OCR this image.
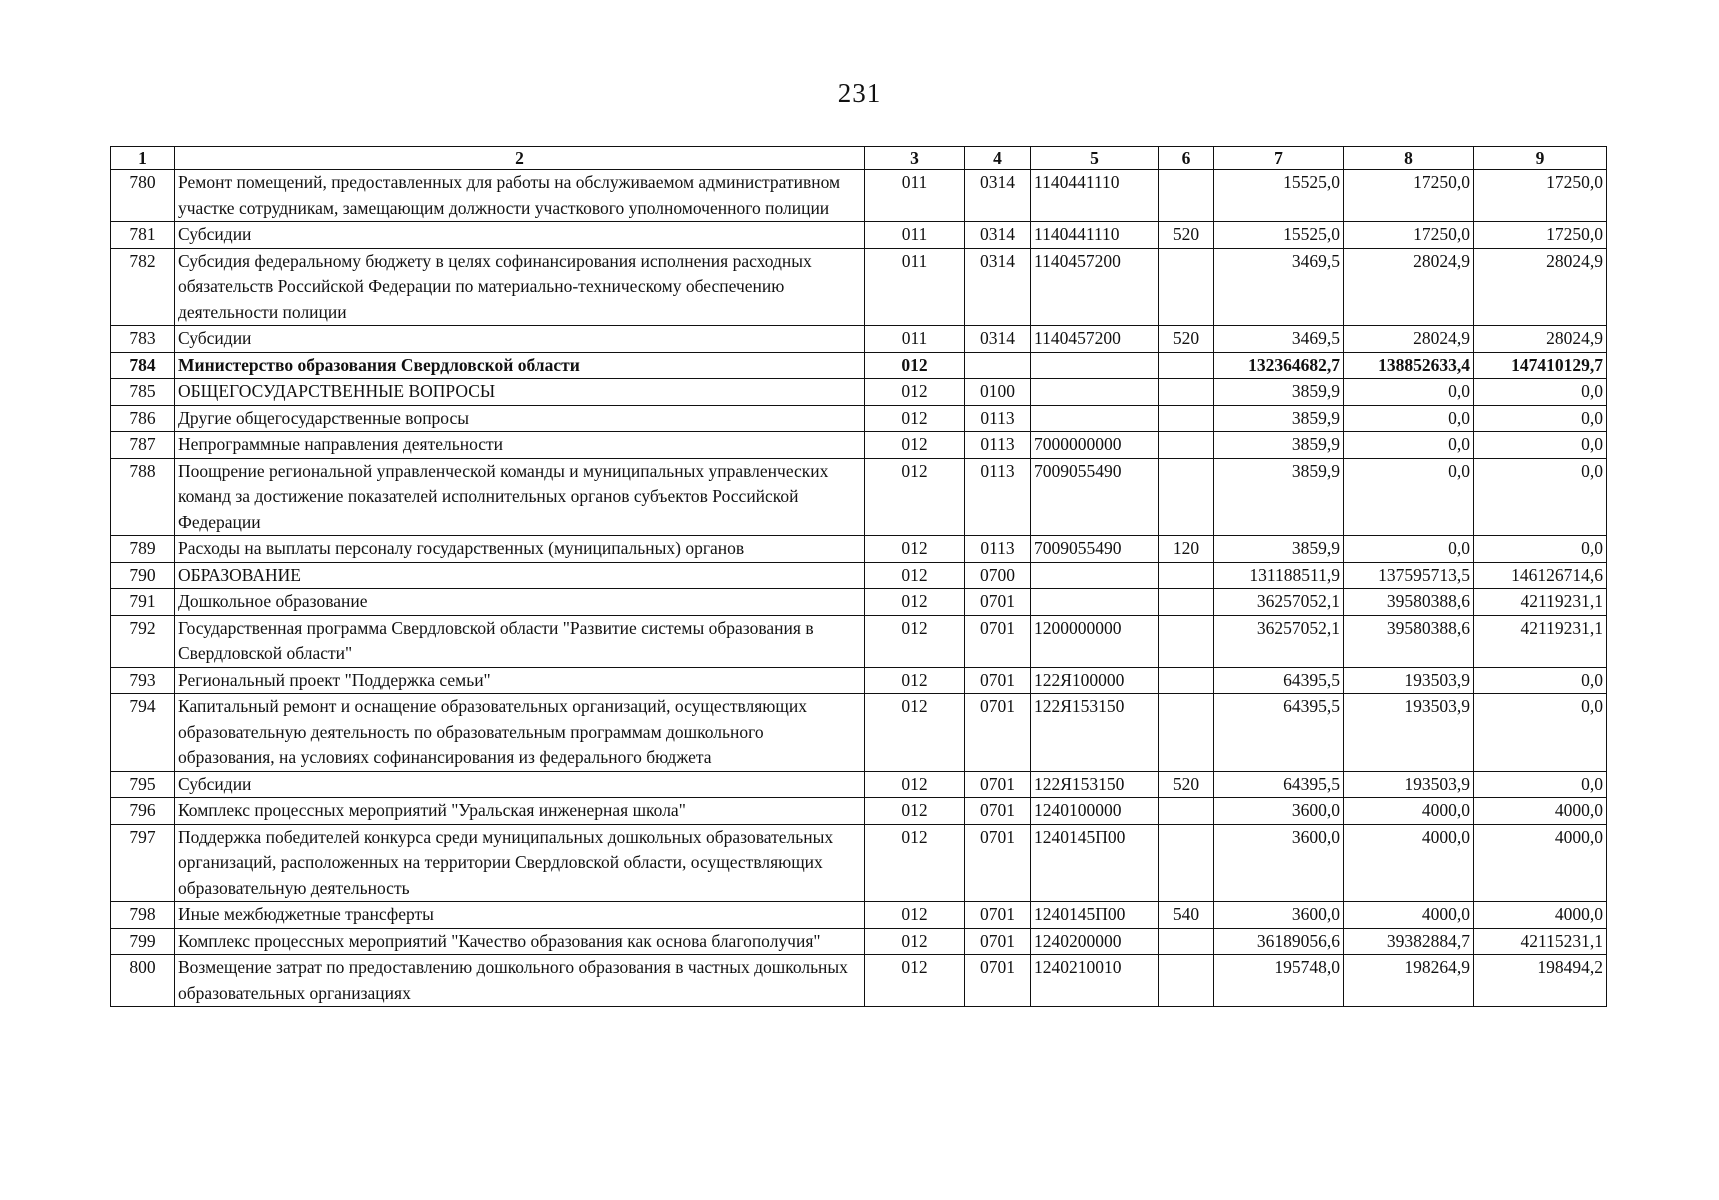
231
1	2	3	4	5	6	7	8	9
780	Ремонт помещений, предоставленных для работы на обслуживаемом административном участке сотрудникам, замещающим должности участкового уполномоченного полиции	011	0314	1140441110		15525,0	17250,0	17250,0
781	Субсидии	011	0314	1140441110	520	15525,0	17250,0	17250,0
782	Субсидия федеральному бюджету в целях софинансирования исполнения расходных обязательств Российской Федерации по материально-техническому обеспечению деятельности полиции	011	0314	1140457200		3469,5	28024,9	28024,9
783	Субсидии	011	0314	1140457200	520	3469,5	28024,9	28024,9
784	Министерство образования Свердловской области	012				132364682,7	138852633,4	147410129,7
785	ОБЩЕГОСУДАРСТВЕННЫЕ ВОПРОСЫ	012	0100			3859,9	0,0	0,0
786	Другие общегосударственные вопросы	012	0113			3859,9	0,0	0,0
787	Непрограммные направления деятельности	012	0113	7000000000		3859,9	0,0	0,0
788	Поощрение региональной управленческой команды и муниципальных управленческих команд за достижение показателей исполнительных органов субъектов Российской Федерации	012	0113	7009055490		3859,9	0,0	0,0
789	Расходы на выплаты персоналу государственных (муниципальных) органов	012	0113	7009055490	120	3859,9	0,0	0,0
790	ОБРАЗОВАНИЕ	012	0700			131188511,9	137595713,5	146126714,6
791	Дошкольное образование	012	0701			36257052,1	39580388,6	42119231,1
792	Государственная программа Свердловской области "Развитие системы образования в Свердловской области"	012	0701	1200000000		36257052,1	39580388,6	42119231,1
793	Региональный проект "Поддержка семьи"	012	0701	122Я100000		64395,5	193503,9	0,0
794	Капитальный ремонт и оснащение образовательных организаций, осуществляющих образовательную деятельность по образовательным программам дошкольного образования, на условиях софинансирования из федерального бюджета	012	0701	122Я153150		64395,5	193503,9	0,0
795	Субсидии	012	0701	122Я153150	520	64395,5	193503,9	0,0
796	Комплекс процессных мероприятий "Уральская инженерная школа"	012	0701	1240100000		3600,0	4000,0	4000,0
797	Поддержка победителей конкурса среди муниципальных дошкольных образовательных организаций, расположенных на территории Свердловской области, осуществляющих образовательную деятельность	012	0701	1240145П00		3600,0	4000,0	4000,0
798	Иные межбюджетные трансферты	012	0701	1240145П00	540	3600,0	4000,0	4000,0
799	Комплекс процессных мероприятий "Качество образования как основа благополучия"	012	0701	1240200000		36189056,6	39382884,7	42115231,1
800	Возмещение затрат по предоставлению дошкольного образования в частных дошкольных образовательных организациях	012	0701	1240210010		195748,0	198264,9	198494,2
